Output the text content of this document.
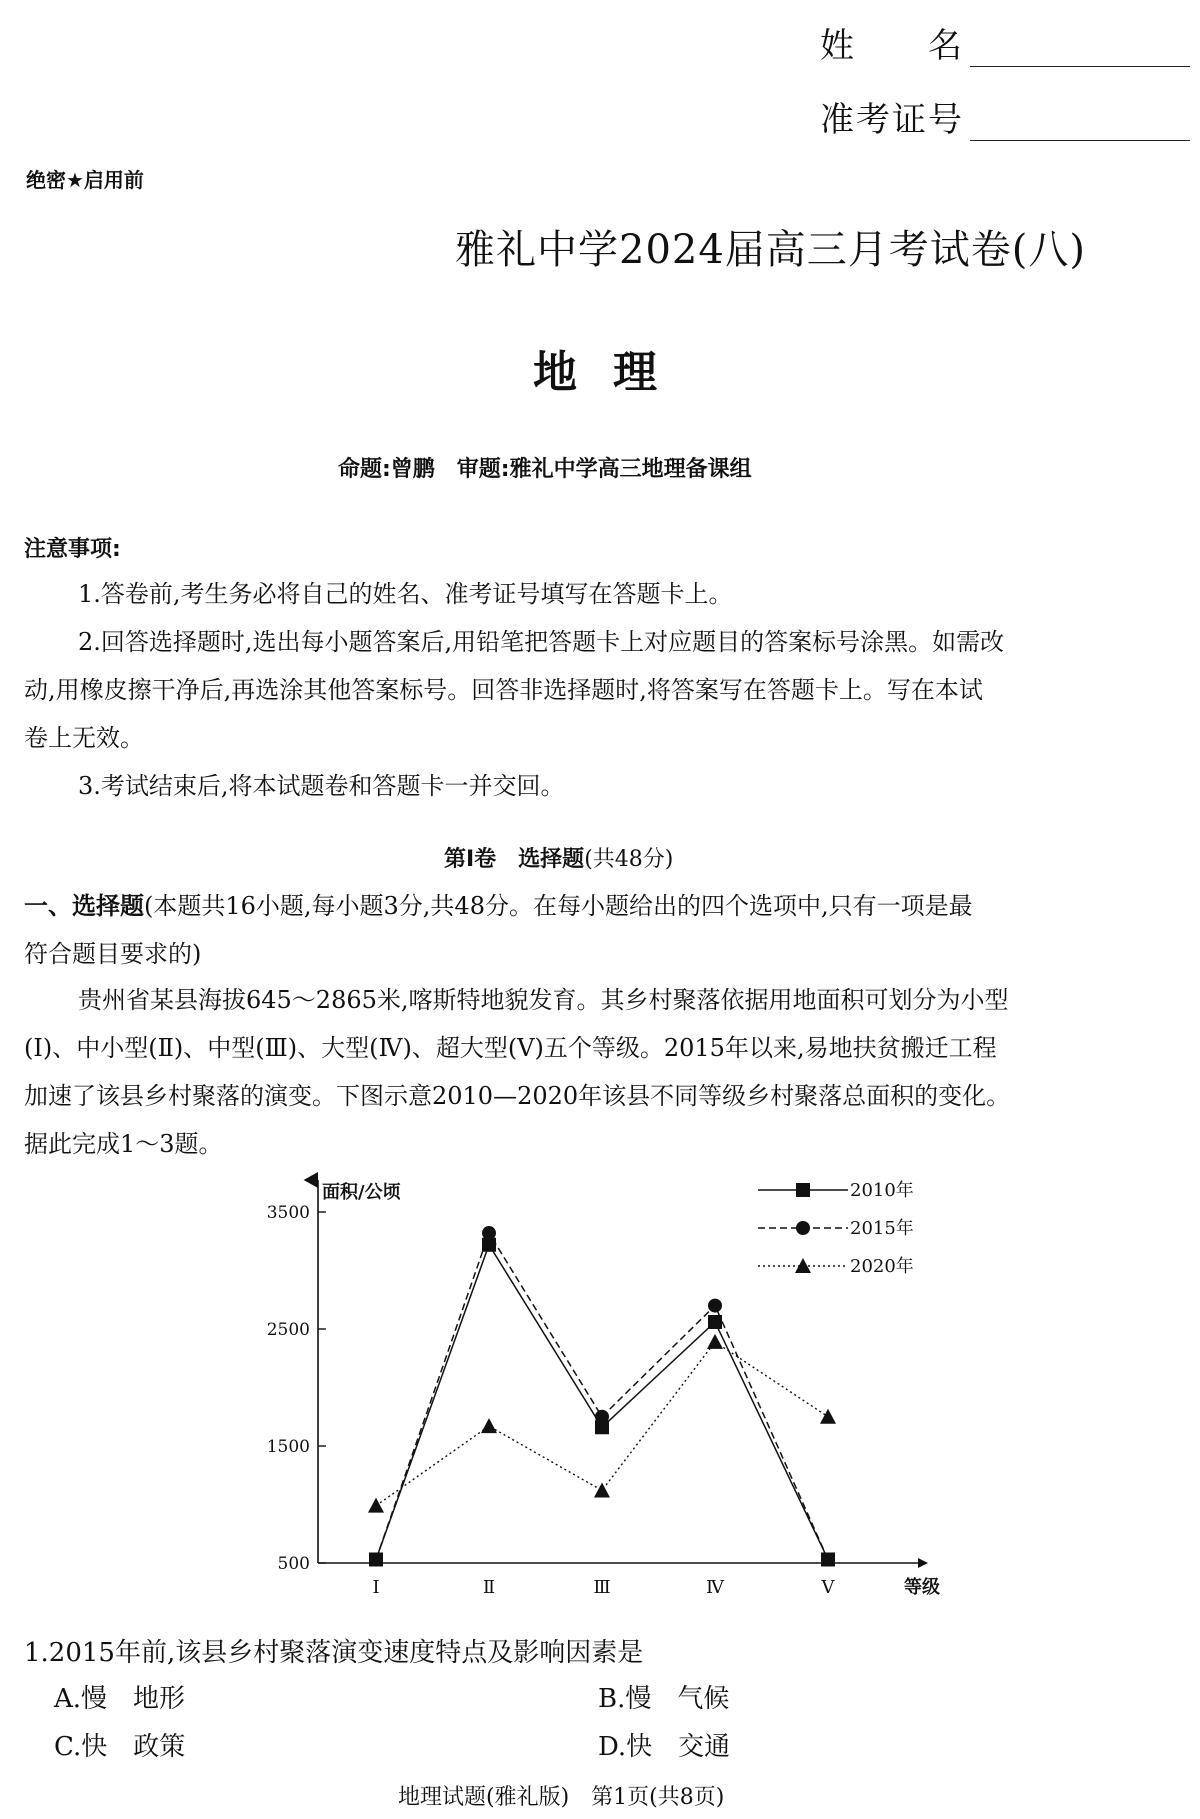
姓　　名
准考证号
绝密★启用前
雅礼中学2024届高三月考试卷(八)
地理
命题:曾鹏　审题:雅礼中学高三地理备课组
注意事项:
1.答卷前,考生务必将自己的姓名、准考证号填写在答题卡上。
2.回答选择题时,选出每小题答案后,用铅笔把答题卡上对应题目的答案标号涂黑。如需改
动,用橡皮擦干净后,再选涂其他答案标号。回答非选择题时,将答案写在答题卡上。写在本试
卷上无效。
3.考试结束后,将本试题卷和答题卡一并交回。
第Ⅰ卷　选择题(共48分)
一、选择题(本题共16小题,每小题3分,共48分。在每小题给出的四个选项中,只有一项是最
符合题目要求的)
贵州省某县海拔645～2865米,喀斯特地貌发育。其乡村聚落依据用地面积可划分为小型
(Ⅰ)、中小型(Ⅱ)、中型(Ⅲ)、大型(Ⅳ)、超大型(Ⅴ)五个等级。2015年以来,易地扶贫搬迁工程
加速了该县乡村聚落的演变。下图示意2010—2020年该县不同等级乡村聚落总面积的变化。
据此完成1～3题。
面积/公顷
等级
500
1500
2500
3500
Ⅰ	Ⅱ	Ⅲ	Ⅳ	Ⅴ
2010年
2015年
2020年
1.2015年前,该县乡村聚落演变速度特点及影响因素是
A.慢　地形	B.慢　气候
C.快　政策	D.快　交通
地理试题(雅礼版)　第1页(共8页)
